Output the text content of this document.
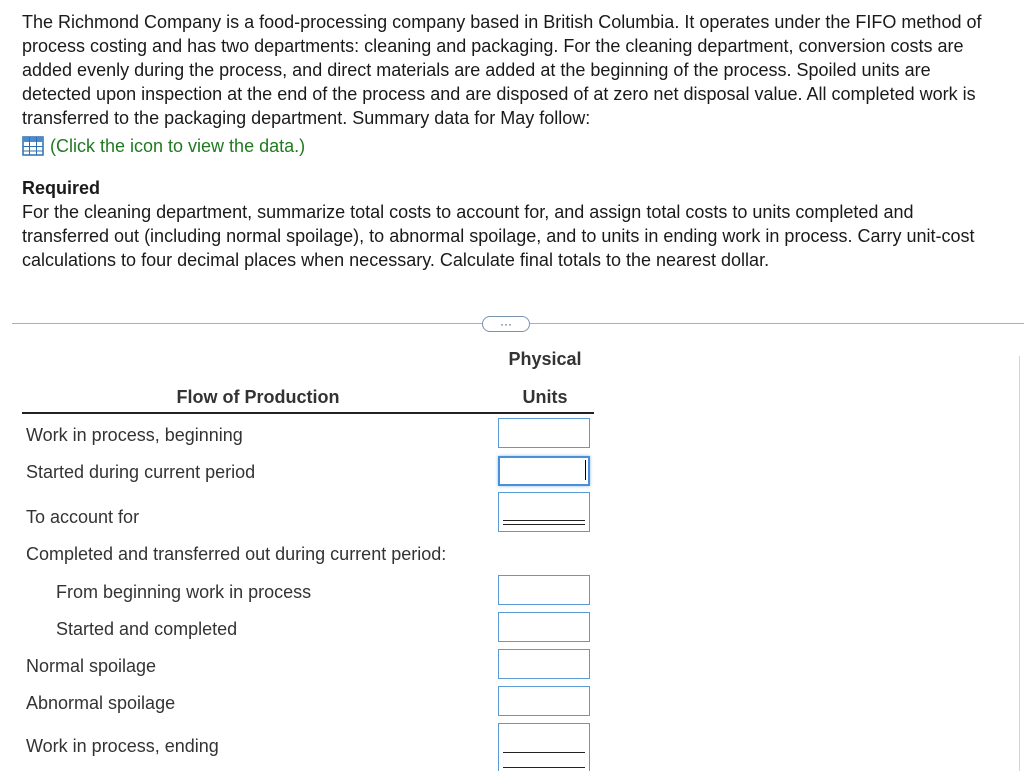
The Richmond Company is a food-processing company based in British Columbia. It operates under the FIFO method of process costing and has two departments: cleaning and packaging. For the cleaning department, conversion costs are added evenly during the process, and direct materials are added at the beginning of the process. Spoiled units are detected upon inspection at the end of the process and are disposed of at zero net disposal value. All completed work is transferred to the packaging department. Summary data for May follow:

(Click the icon to view the data.)
Required
For the cleaning department, summarize total costs to account for, and assign total costs to units completed and transferred out (including normal spoilage), to abnormal spoilage, and to units in ending work in process. Carry unit-cost calculations to four decimal places when necessary. Calculate final totals to the nearest dollar.
···
Physical
Units
Flow of Production
Work in process, beginning
Started during current period
To account for
Completed and transferred out during current period:
From beginning work in process
Started and completed
Normal spoilage
Abnormal spoilage
Work in process, ending
